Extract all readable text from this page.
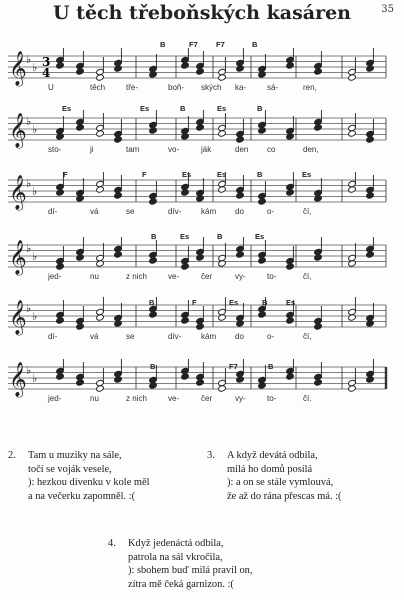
U těch třeboňských kasáren	35
𝄞 ♭
♭ 3
4
B	F7 F7	B
U	těch	tře-	boň- ských ka-	sá-	ren,
𝄞 ♭
♭
Es	Es	B	Es	B
sto-	ji	tam	vo-	ják	den co	den,
𝄞 ♭
♭
F	F	Es	Es	B	Es
dí-	vá	se	dív- kám do	o-	čí,
𝄞 ♭
♭
B	Es	B	Es
jed-	nu	z nich	ve-	čer	vy-	to-	čí,
𝄞 ♭
♭
B	F	Es	B Es
dí-	vá	se	dív- kám do	o-	čí,
𝄞 ♭
♭
B	F7	B
jed-	nu	z nich	ve-	čer	vy-	to-	čí.
2. Tam u muziky na sále,
točí se voják vesele,
): hezkou dívenku v kole měl
a na večerku zapomněl. :(
3. A když devátá odbila,
milá ho domů posílá
): a on se stále vymlouvá,
že až do rána přescas má. :(
4. Když jedenáctá odbila,
patrola na sál vkročila,
): sbohem buď milá pravil on,
zítra mě čeká garnizon. :(
